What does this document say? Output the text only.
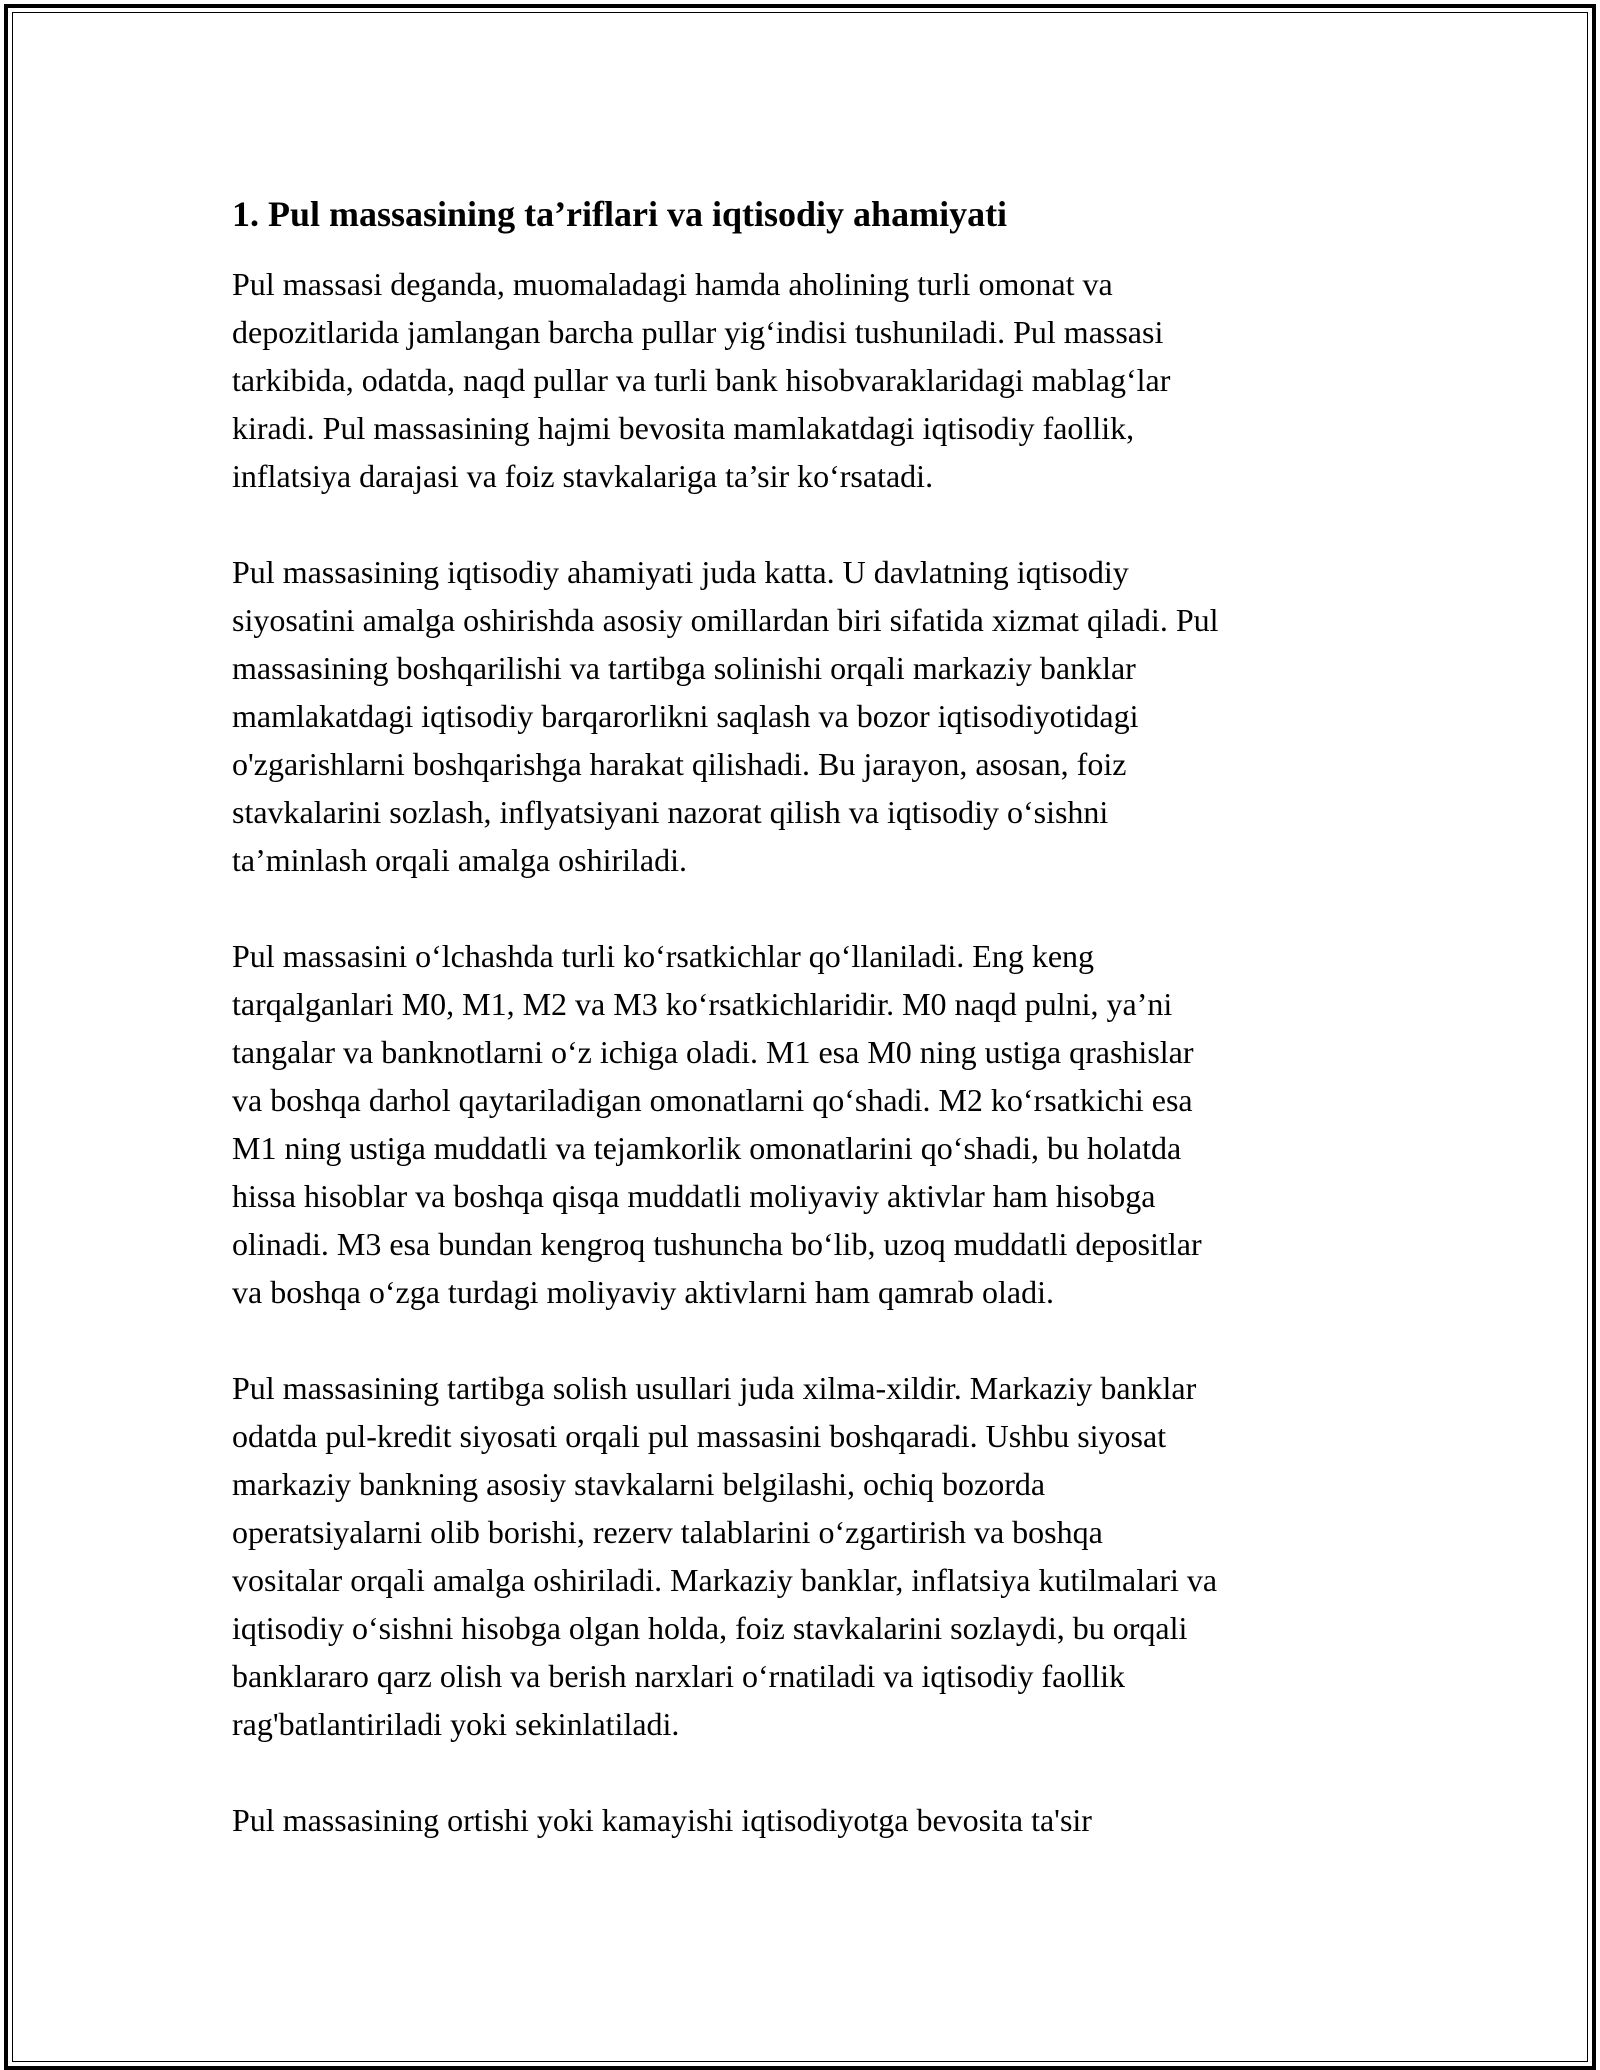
1. Pul massasining ta’riflari va iqtisodiy ahamiyati

Pul massasi deganda, muomaladagi hamda aholining turli omonat va
depozitlarida jamlangan barcha pullar yig‘indisi tushuniladi. Pul massasi
tarkibida, odatda, naqd pullar va turli bank hisobvaraklaridagi mablag‘lar
kiradi. Pul massasining hajmi bevosita mamlakatdagi iqtisodiy faollik,
inflatsiya darajasi va foiz stavkalariga ta’sir ko‘rsatadi.

Pul massasining iqtisodiy ahamiyati juda katta. U davlatning iqtisodiy
siyosatini amalga oshirishda asosiy omillardan biri sifatida xizmat qiladi. Pul
massasining boshqarilishi va tartibga solinishi orqali markaziy banklar
mamlakatdagi iqtisodiy barqarorlikni saqlash va bozor iqtisodiyotidagi
o'zgarishlarni boshqarishga harakat qilishadi. Bu jarayon, asosan, foiz
stavkalarini sozlash, inflyatsiyani nazorat qilish va iqtisodiy o‘sishni
ta’minlash orqali amalga oshiriladi.

Pul massasini o‘lchashda turli ko‘rsatkichlar qo‘llaniladi. Eng keng
tarqalganlari M0, M1, M2 va M3 ko‘rsatkichlaridir. M0 naqd pulni, ya’ni
tangalar va banknotlarni o‘z ichiga oladi. M1 esa M0 ning ustiga qrashislar
va boshqa darhol qaytariladigan omonatlarni qo‘shadi. M2 ko‘rsatkichi esa
M1 ning ustiga muddatli va tejamkorlik omonatlarini qo‘shadi, bu holatda
hissa hisoblar va boshqa qisqa muddatli moliyaviy aktivlar ham hisobga
olinadi. M3 esa bundan kengroq tushuncha bo‘lib, uzoq muddatli depositlar
va boshqa o‘zga turdagi moliyaviy aktivlarni ham qamrab oladi.

Pul massasining tartibga solish usullari juda xilma-xildir. Markaziy banklar
odatda pul-kredit siyosati orqali pul massasini boshqaradi. Ushbu siyosat
markaziy bankning asosiy stavkalarni belgilashi, ochiq bozorda
operatsiyalarni olib borishi, rezerv talablarini o‘zgartirish va boshqa
vositalar orqali amalga oshiriladi. Markaziy banklar, inflatsiya kutilmalari va
iqtisodiy o‘sishni hisobga olgan holda, foiz stavkalarini sozlaydi, bu orqali
banklararo qarz olish va berish narxlari o‘rnatiladi va iqtisodiy faollik
rag'batlantiriladi yoki sekinlatiladi.

Pul massasining ortishi yoki kamayishi iqtisodiyotga bevosita ta'sir
